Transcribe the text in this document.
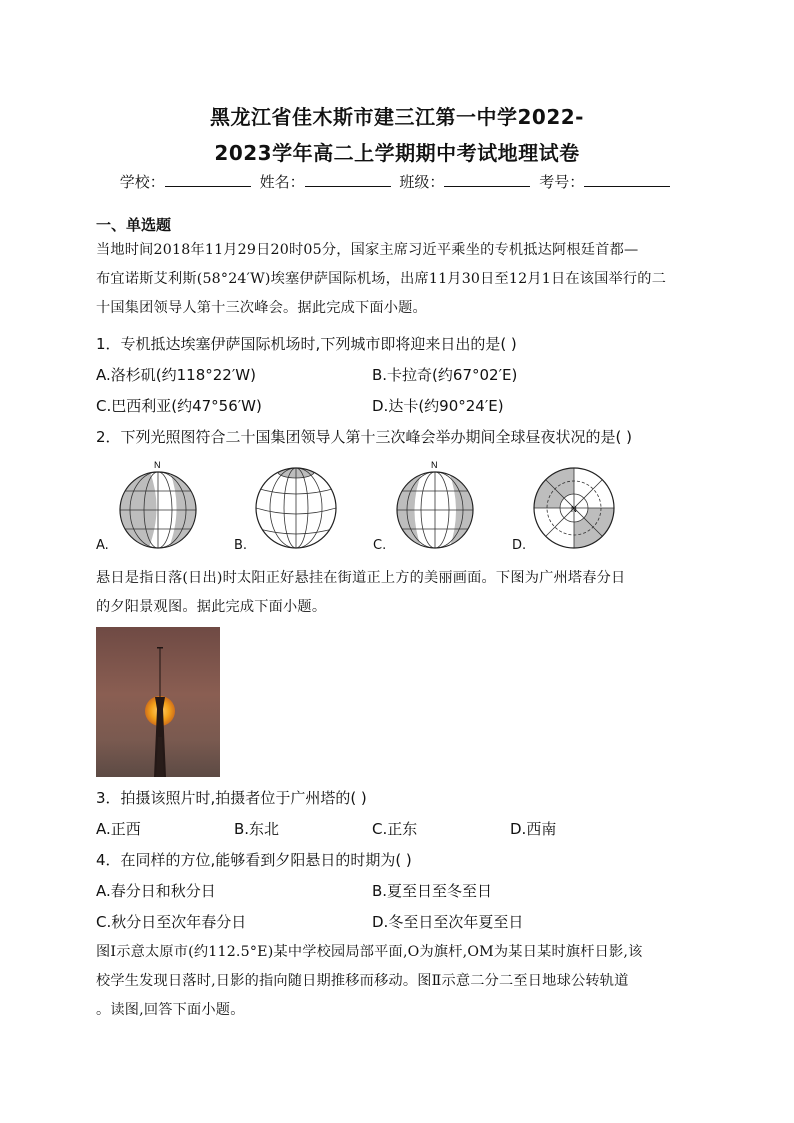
黑龙江省佳木斯市建三江第一中学2022-
2023学年高二上学期期中考试地理试卷
学校：	姓名：	班级：	考号：
一、单选题
当地时间2018年11月29日20时05分，国家主席习近平乘坐的专机抵达阿根廷首都—
布宜诺斯艾利斯(58°24′W)埃塞伊萨国际机场，出席11月30日至12月1日在该国举行的二
十国集团领导人第十三次峰会。据此完成下面小题。
1．专机抵达埃塞伊萨国际机场时,下列城市即将迎来日出的是( )
A.洛杉矶(约118°22′W)	B.卡拉奇(约67°02′E)
C.巴西利亚(约47°56′W)	D.达卡(约90°24′E)
2．下列光照图符合二十国集团领导人第十三次峰会举办期间全球昼夜状况的是( )
N
A.	B.
N
C.
N
D.
悬日是指日落(日出)时太阳正好悬挂在街道正上方的美丽画面。下图为广州塔春分日
的夕阳景观图。据此完成下面小题。
3．拍摄该照片时,拍摄者位于广州塔的( )
A.正西	B.东北	C.正东	D.西南
4．在同样的方位,能够看到夕阳悬日的时期为( )
A.春分日和秋分日	B.夏至日至冬至日
C.秋分日至次年春分日	D.冬至日至次年夏至日
图Ⅰ示意太原市(约112.5°E)某中学校园局部平面,O为旗杆,OM为某日某时旗杆日影,该
校学生发现日落时,日影的指向随日期推移而移动。图Ⅱ示意二分二至日地球公转轨道
。读图,回答下面小题。
